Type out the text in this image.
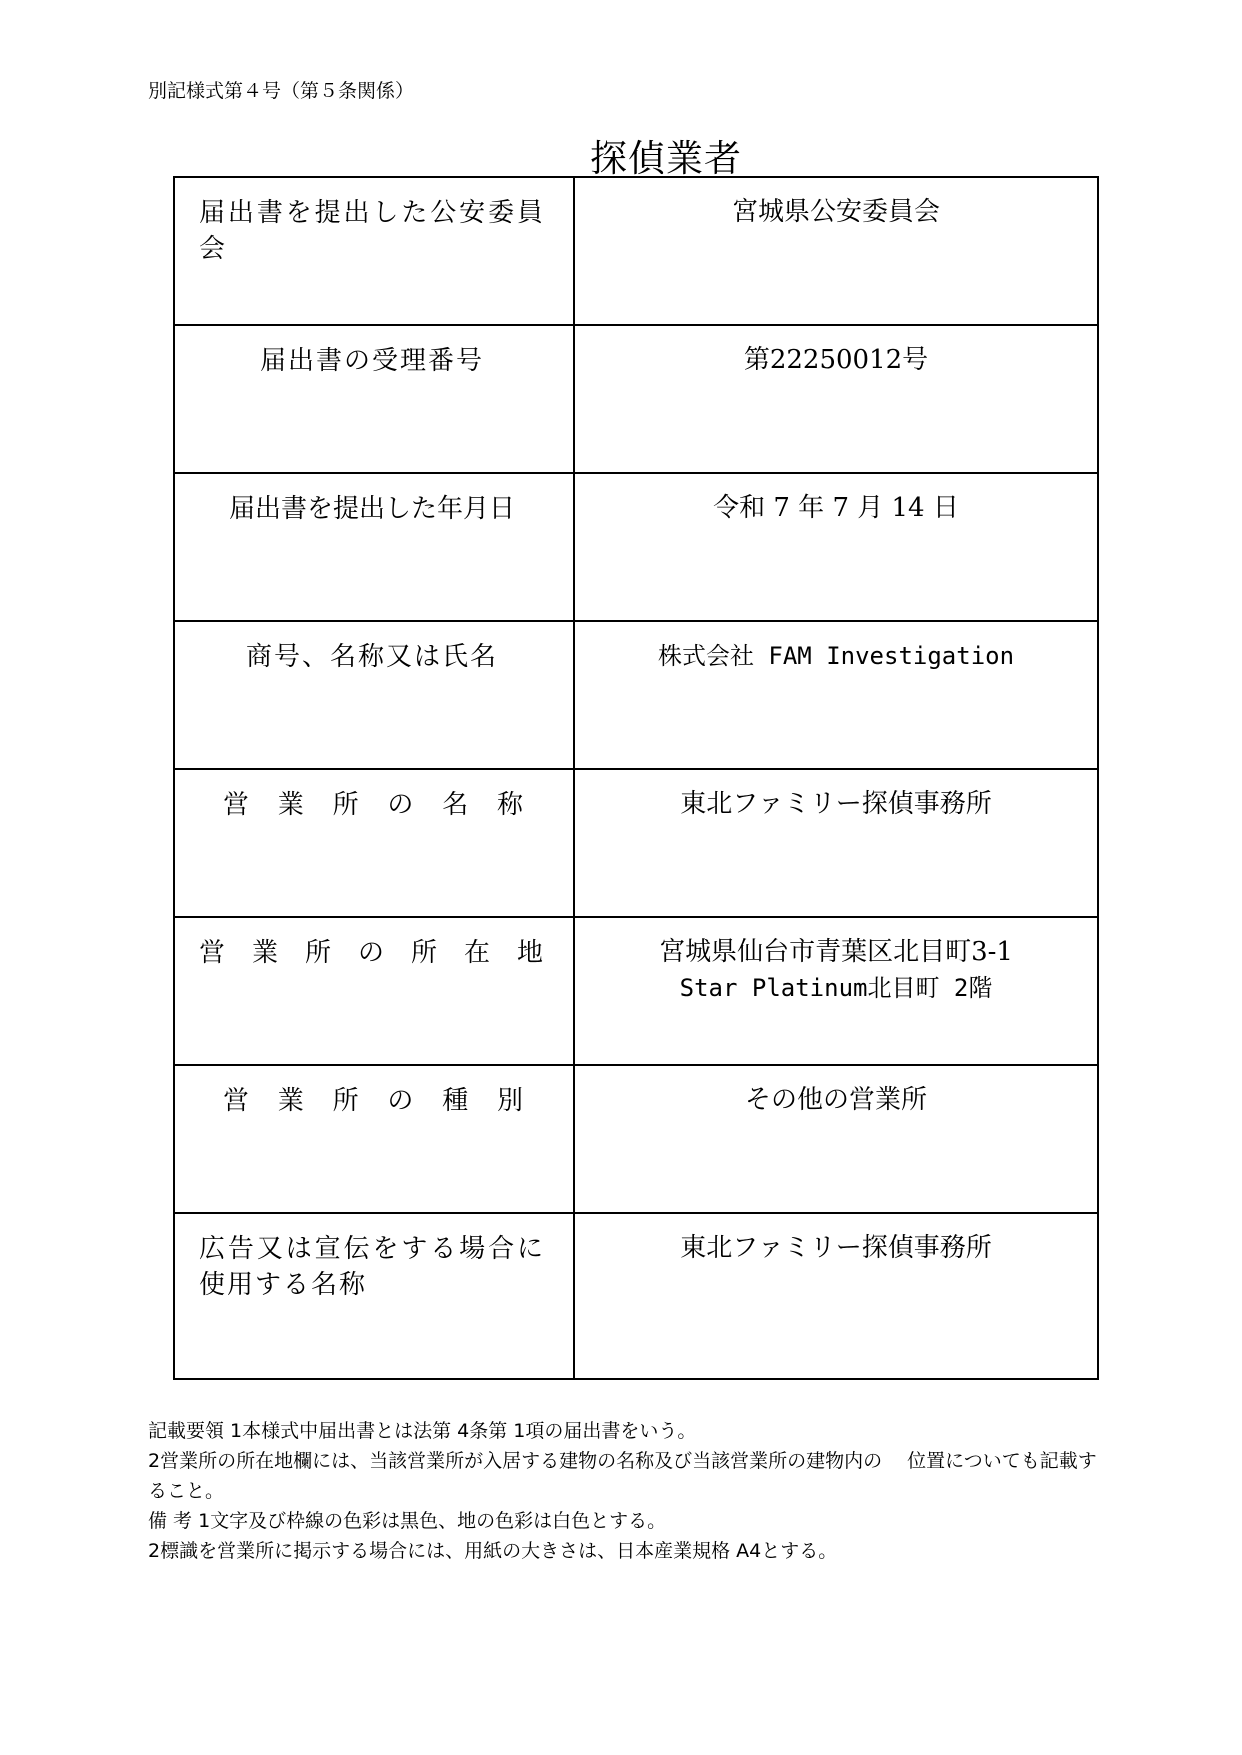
別記様式第４号（第５条関係）
探偵業者
届出書を提出した公安委員会	宮城県公安委員会
届出書の受理番号	第22250012号
届出書を提出した年月日	令和 7 年 7 月 14 日
商号、名称又は氏名	株式会社 FAM Investigation
営業所の名称	東北ファミリー探偵事務所
営業所の所在地	宮城県仙台市青葉区北目町3-1
Star Platinum北目町 2階

営業所の種別	その他の営業所
広告又は宣伝をする場合に使用する名称	東北ファミリー探偵事務所

記載要領 1本様式中届出書とは法第 4条第 1項の届出書をいう。

2営業所の所在地欄には、当該営業所が入居する建物の名称及び当該営業所の建物内の　 位置についても記載すること。

備 考 1文字及び枠線の色彩は黒色、地の色彩は白色とする。

2標識を営業所に掲示する場合には、用紙の大きさは、日本産業規格 A4とする。
